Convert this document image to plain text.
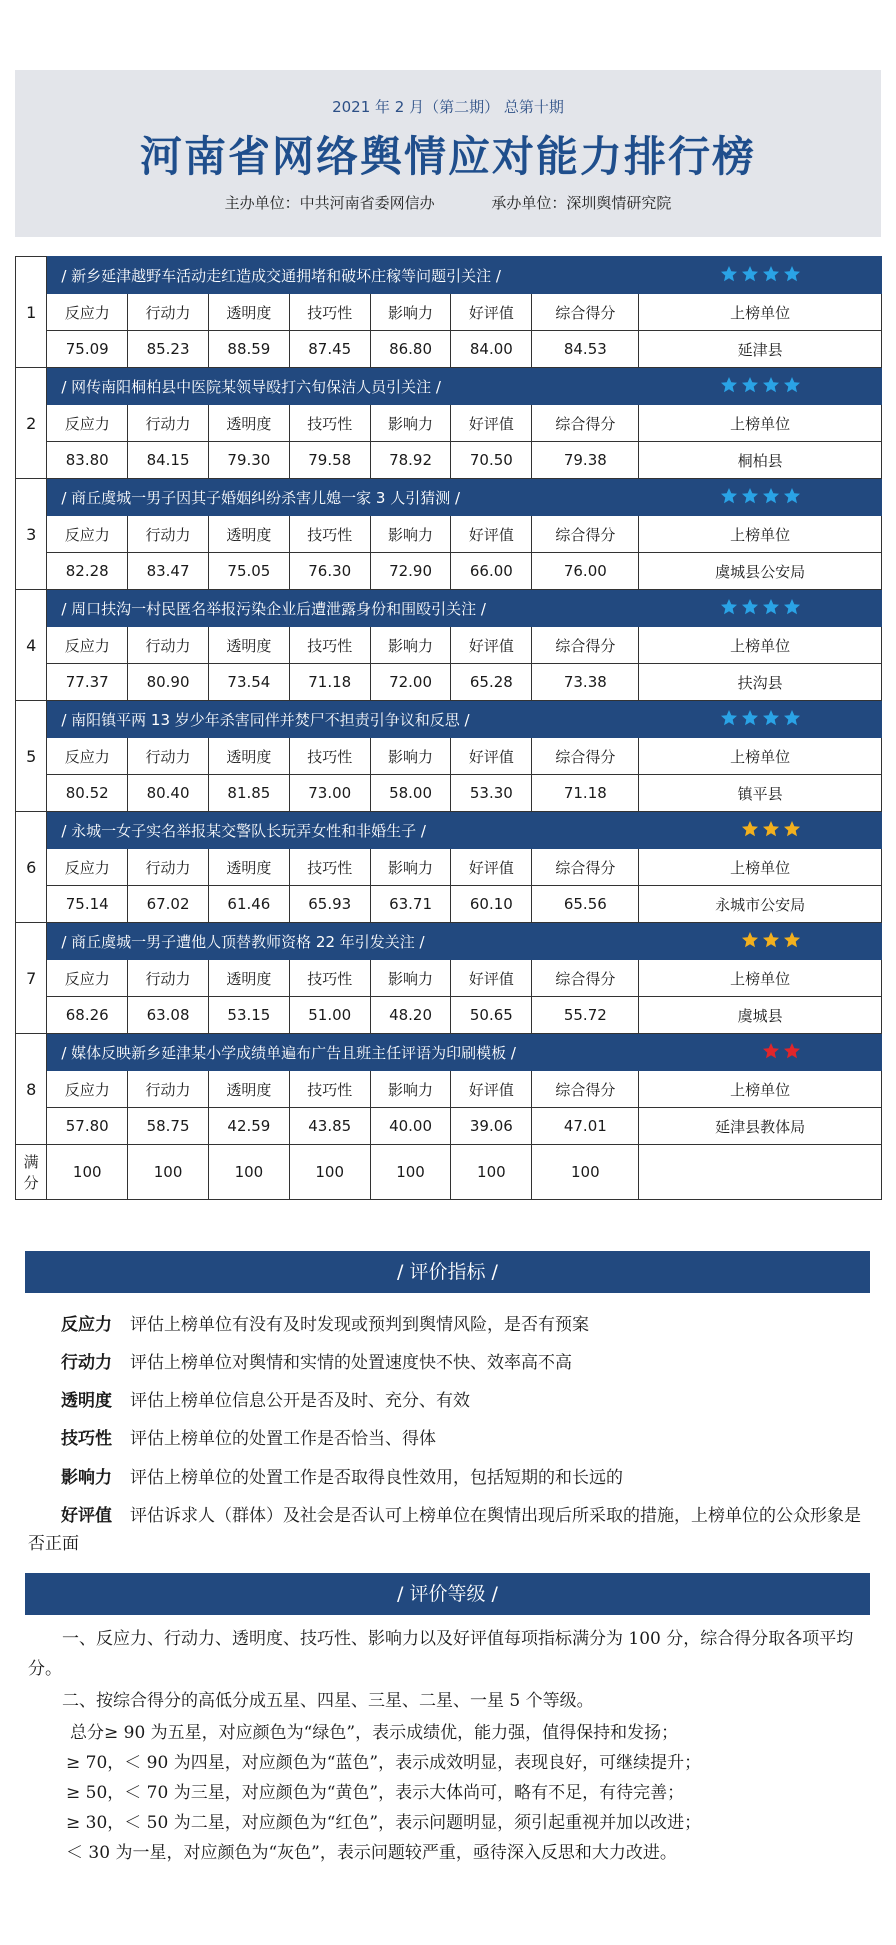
2021 年 2 月（第二期） 总第十期
河南省网络舆情应对能力排行榜
主办单位：中共河南省委网信办	承办单位：深圳舆情研究院
1	/ 新乡延津越野车活动走红造成交通拥堵和破坏庄稼等问题引关注 /							

	反应力	行动力	透明度	技巧性	影响力	好评值	综合得分	上榜单位
	75.09	85.23	88.59	87.45	86.80	84.00	84.53	延津县
2	/ 网传南阳桐柏县中医院某领导殴打六旬保洁人员引关注 /							

	反应力	行动力	透明度	技巧性	影响力	好评值	综合得分	上榜单位
	83.80	84.15	79.30	79.58	78.92	70.50	79.38	桐柏县
3	/ 商丘虞城一男子因其子婚姻纠纷杀害儿媳一家 3 人引猜测 /							

	反应力	行动力	透明度	技巧性	影响力	好评值	综合得分	上榜单位
	82.28	83.47	75.05	76.30	72.90	66.00	76.00	虞城县公安局
4	/ 周口扶沟一村民匿名举报污染企业后遭泄露身份和围殴引关注 /							

	反应力	行动力	透明度	技巧性	影响力	好评值	综合得分	上榜单位
	77.37	80.90	73.54	71.18	72.00	65.28	73.38	扶沟县
5	/ 南阳镇平两 13 岁少年杀害同伴并焚尸不担责引争议和反思 /							

	反应力	行动力	透明度	技巧性	影响力	好评值	综合得分	上榜单位
	80.52	80.40	81.85	73.00	58.00	53.30	71.18	镇平县
6	/ 永城一女子实名举报某交警队长玩弄女性和非婚生子 /							

	反应力	行动力	透明度	技巧性	影响力	好评值	综合得分	上榜单位
	75.14	67.02	61.46	65.93	63.71	60.10	65.56	永城市公安局
7	/ 商丘虞城一男子遭他人顶替教师资格 22 年引发关注 /							

	反应力	行动力	透明度	技巧性	影响力	好评值	综合得分	上榜单位
	68.26	63.08	53.15	51.00	48.20	50.65	55.72	虞城县
8	/ 媒体反映新乡延津某小学成绩单遍布广告且班主任评语为印刷模板 /							

	反应力	行动力	透明度	技巧性	影响力	好评值	综合得分	上榜单位
	57.80	58.75	42.59	43.85	40.00	39.06	47.01	延津县教体局

满
分	100	100	100	100	100	100	100	
/ 评价指标 /
反应力 评估上榜单位有没有及时发现或预判到舆情风险，是否有预案
行动力 评估上榜单位对舆情和实情的处置速度快不快、效率高不高
透明度 评估上榜单位信息公开是否及时、充分、有效
技巧性 评估上榜单位的处置工作是否恰当、得体
影响力 评估上榜单位的处置工作是否取得良性效用，包括短期的和长远的
好评值 评估诉求人（群体）及社会是否认可上榜单位在舆情出现后所采取的措施，上榜单位的公众形象是否正面
/ 评价等级 /
一、反应力、行动力、透明度、技巧性、影响力以及好评值每项指标满分为 100 分，综合得分取各项平均分。
二、按综合得分的高低分成五星、四星、三星、二星、一星 5 个等级。
总分≥ 90 为五星，对应颜色为“绿色”，表示成绩优，能力强，值得保持和发扬；
≥ 70，＜ 90 为四星，对应颜色为“蓝色”，表示成效明显，表现良好，可继续提升；
≥ 50，＜ 70 为三星，对应颜色为“黄色”，表示大体尚可，略有不足，有待完善；
≥ 30，＜ 50 为二星，对应颜色为“红色”，表示问题明显，须引起重视并加以改进；
＜ 30 为一星，对应颜色为“灰色”，表示问题较严重，亟待深入反思和大力改进。
